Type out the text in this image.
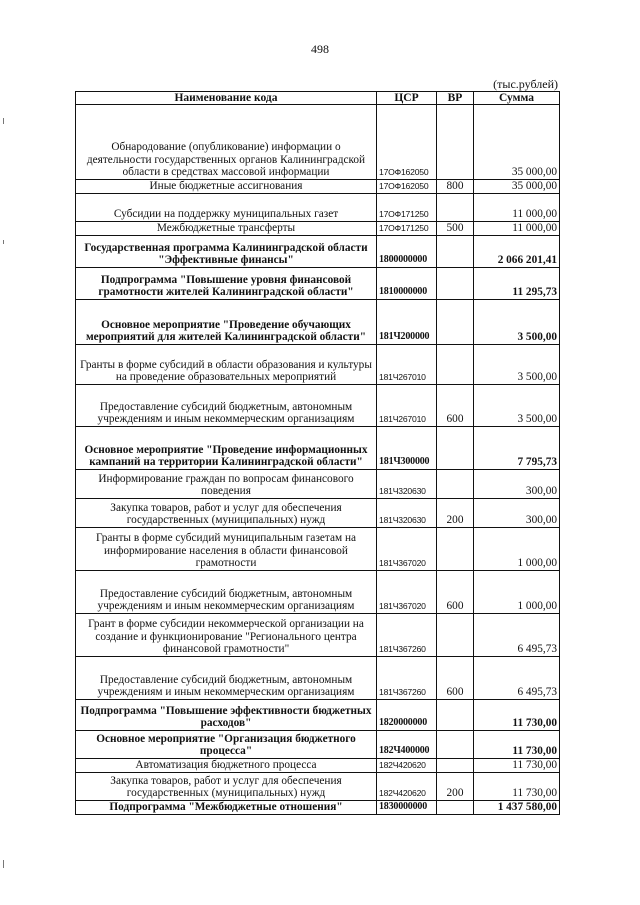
498
(тыс.рублей)
Наименование кода	ЦСР	ВР	Сумма
Обнародование (опубликование) информации о деятельности государственных органов Калининградской области в средствах массовой информации	17ОФ162050		35 000,00
Иные бюджетные ассигнования	17ОФ162050	800	35 000,00
Субсидии на поддержку муниципальных газет	17ОФ171250		11 000,00
Межбюджетные трансферты	17ОФ171250	500	11 000,00
Государственная программа Калининградской области "Эффективные финансы"	1800000000		2 066 201,41
Подпрограмма "Повышение уровня финансовой грамотности жителей Калининградской области"	1810000000		11 295,73
Основное мероприятие "Проведение обучающих мероприятий для жителей Калининградской области"	181Ч200000		3 500,00
Гранты в форме субсидий в области образования и культуры на проведение образовательных мероприятий	181Ч267010		3 500,00
Предоставление субсидий бюджетным, автономным учреждениям и иным некоммерческим организациям	181Ч267010	600	3 500,00
Основное мероприятие "Проведение информационных кампаний на территории Калининградской области"	181Ч300000		7 795,73
Информирование граждан по вопросам финансового поведения	181Ч320630		300,00
Закупка товаров, работ и услуг для обеспечения государственных (муниципальных) нужд	181Ч320630	200	300,00
Гранты в форме субсидий муниципальным газетам на информирование населения в области финансовой грамотности	181Ч367020		1 000,00
Предоставление субсидий бюджетным, автономным учреждениям и иным некоммерческим организациям	181Ч367020	600	1 000,00
Грант в форме субсидии некоммерческой организации на создание и функционирование "Регионального центра финансовой грамотности"	181Ч367260		6 495,73
Предоставление субсидий бюджетным, автономным учреждениям и иным некоммерческим организациям	181Ч367260	600	6 495,73
Подпрограмма "Повышение эффективности бюджетных расходов"	1820000000		11 730,00
Основное мероприятие "Организация бюджетного процесса"	182Ч400000		11 730,00
Автоматизация бюджетного процесса	182Ч420620		11 730,00
Закупка товаров, работ и услуг для обеспечения государственных (муниципальных) нужд	182Ч420620	200	11 730,00
Подпрограмма "Межбюджетные отношения"	1830000000		1 437 580,00
